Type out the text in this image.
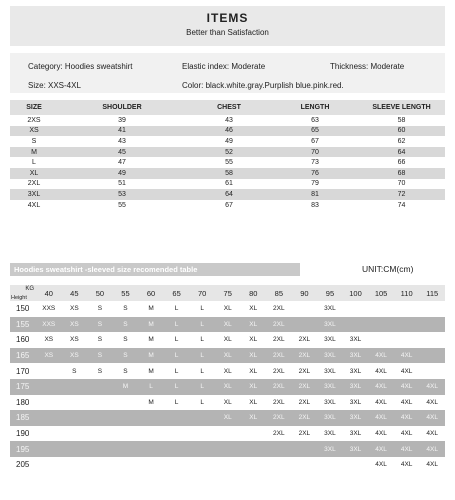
ITEMS
Better than Satisfaction
Category: Hoodies sweatshirt	Elastic index: Moderate	Thickness: Moderate
Size: XXS-4XL	Color: black.white.gray.Purplish blue.pink.red.
SIZE	SHOULDER	CHEST	LENGTH	SLEEVE LENGTH
2XS	39	43	63	58
XS	41	46	65	60
S	43	49	67	62
M	45	52	70	64
L	47	55	73	66
XL	49	58	76	68
2XL	51	61	79	70
3XL	53	64	81	72
4XL	55	67	83	74
Hoodies sweatshirt -sleeved size recomended table	UNIT:CM(cm)
KG
Height	40	45	50	55	60	65	70	75	80	85	90	95	100	105	110	115
150	XXS	XS	S	S	M	L	L	XL	XL	2XL		3XL				
155	XXS	XS	S	S	M	L	L	XL	XL	2XL		3XL				
160	XS	XS	S	S	M	L	L	XL	XL	2XL	2XL	3XL	3XL			
165	XS	XS	S	S	M	L	L	XL	XL	2XL	2XL	3XL	3XL	4XL	4XL	
170		S	S	S	M	L	L	XL	XL	2XL	2XL	3XL	3XL	4XL	4XL	
175				M	L	L	L	XL	XL	2XL	2XL	3XL	3XL	4XL	4XL	4XL
180					M	L	L	XL	XL	2XL	2XL	3XL	3XL	4XL	4XL	4XL
185								XL	XL	2XL	2XL	3XL	3XL	4XL	4XL	4XL
190										2XL	2XL	3XL	3XL	4XL	4XL	4XL
195												3XL	3XL	4XL	4XL	4XL
205														4XL	4XL	4XL
